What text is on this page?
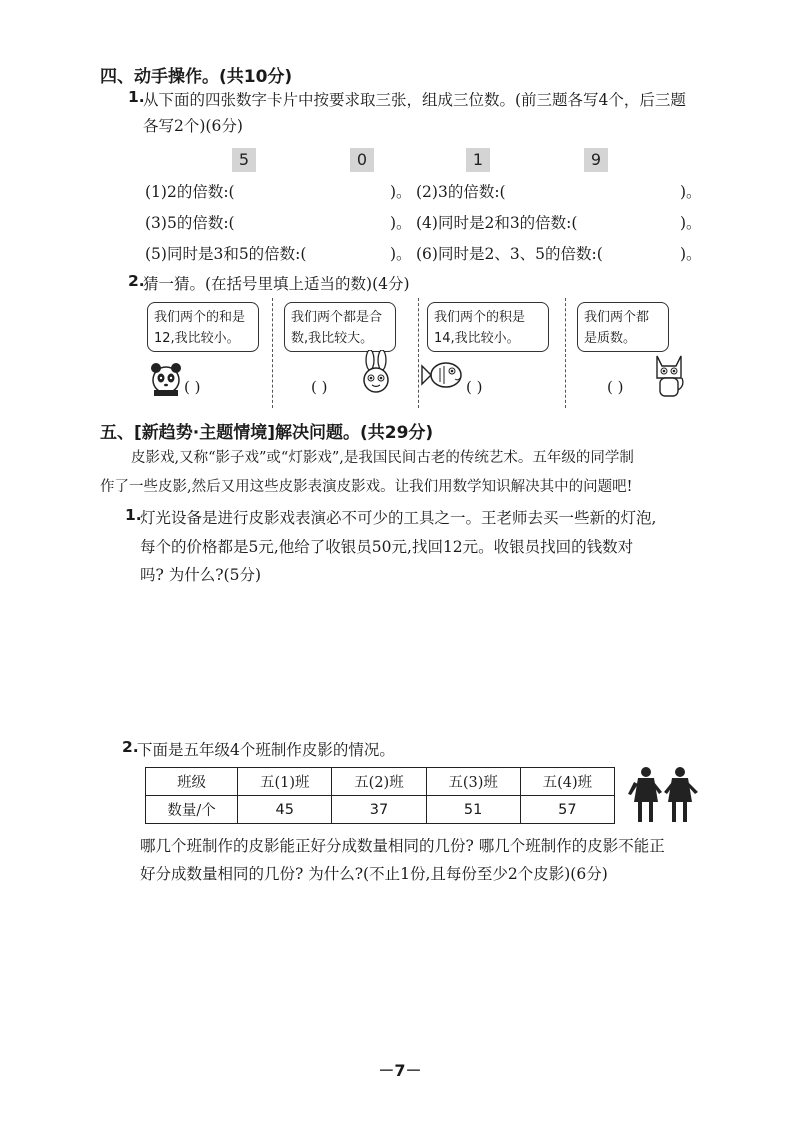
四、动手操作。(共10分)
1.
从下面的四张数字卡片中按要求取三张，组成三位数。(前三题各写4个，后三题
各写2个)(6分)
5	0	1	9
(1)2的倍数:(	)。 (2)3的倍数:(	)。
(3)5的倍数:(	)。 (4)同时是2和3的倍数:(	)。
(5)同时是3和5的倍数:(	)。 (6)同时是2、3、5的倍数:(	)。
2.
猜一猜。(在括号里填上适当的数)(4分)
我们两个的和是
12,我比较小。
我们两个都是合
数,我比较大。
我们两个的积是
14,我比较小。
我们两个都
是质数。
( )	( )	( )	( )
五、[新趋势·主题情境]解决问题。(共29分)
皮影戏,又称“影子戏”或“灯影戏”,是我国民间古老的传统艺术。五年级的同学制
作了一些皮影,然后又用这些皮影表演皮影戏。让我们用数学知识解决其中的问题吧!
1.
灯光设备是进行皮影戏表演必不可少的工具之一。王老师去买一些新的灯泡,
每个的价格都是5元,他给了收银员50元,找回12元。收银员找回的钱数对
吗? 为什么?(5分)
2.
下面是五年级4个班制作皮影的情况。
班级	五(1)班	五(2)班	五(3)班	五(4)班
数量/个	45	37	51	57
哪几个班制作的皮影能正好分成数量相同的几份? 哪几个班制作的皮影不能正
好分成数量相同的几份? 为什么?(不止1份,且每份至少2个皮影)(6分)
－7－
